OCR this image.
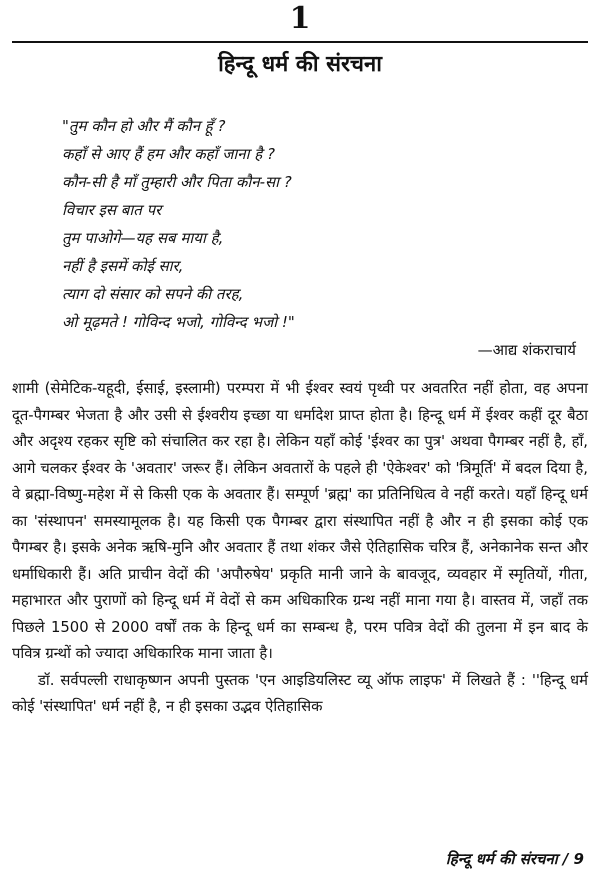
1
हिन्दू धर्म की संरचना
"तुम कौन हो और मैं कौन हूँ ?
कहाँ से आए हैं हम और कहाँ जाना है ?
कौन-सी है माँ तुम्हारी और पिता कौन-सा ?
विचार इस बात पर
तुम पाओगे—यह सब माया है,
नहीं है इसमें कोई सार,
त्याग दो संसार को सपने की तरह,
ओ मूढ़मते ! गोविन्द भजो, गोविन्द भजो !"
—आद्य शंकराचार्य

शामी (सेमेटिक-यहूदी, ईसाई, इस्लामी) परम्परा में भी ईश्वर स्वयं पृथ्वी पर अवतरित नहीं होता, वह अपना दूत-पैगम्बर भेजता है और उसी से ईश्वरीय इच्छा या धर्मादेश प्राप्त होता है। हिन्दू धर्म में ईश्वर कहीं दूर बैठा और अदृश्य रहकर सृष्टि को संचालित कर रहा है। लेकिन यहाँ कोई 'ईश्वर का पुत्र' अथवा पैगम्बर नहीं है, हाँ, आगे चलकर ईश्वर के 'अवतार' जरूर हैं। लेकिन अवतारों के पहले ही 'ऐकेश्वर' को 'त्रिमूर्ति' में बदल दिया है, वे ब्रह्मा-विष्णु-महेश में से किसी एक के अवतार हैं। सम्पूर्ण 'ब्रह्म' का प्रतिनिधित्व वे नहीं करते। यहाँ हिन्दू धर्म का 'संस्थापन' समस्यामूलक है। यह किसी एक पैगम्बर द्वारा संस्थापित नहीं है और न ही इसका कोई एक पैगम्बर है। इसके अनेक ऋषि-मुनि और अवतार हैं तथा शंकर जैसे ऐतिहासिक चरित्र हैं, अनेकानेक सन्त और धर्माधिकारी हैं। अति प्राचीन वेदों की 'अपौरुषेय' प्रकृति मानी जाने के बावजूद, व्यवहार में स्मृतियों, गीता, महाभारत और पुराणों को हिन्दू धर्म में वेदों से कम अधिकारिक ग्रन्थ नहीं माना गया है। वास्तव में, जहाँ तक पिछले 1500 से 2000 वर्षों तक के हिन्दू धर्म का सम्बन्ध है, परम पवित्र वेदों की तुलना में इन बाद के पवित्र ग्रन्थों को ज्यादा अधिकारिक माना जाता है।

डॉ. सर्वपल्ली राधाकृष्णन अपनी पुस्तक 'एन आइडियलिस्ट व्यू ऑफ लाइफ' में लिखते हैं : ''हिन्दू धर्म कोई 'संस्थापित' धर्म नहीं है, न ही इसका उद्भव ऐतिहासिक

हिन्दू धर्म की संरचना / 9
